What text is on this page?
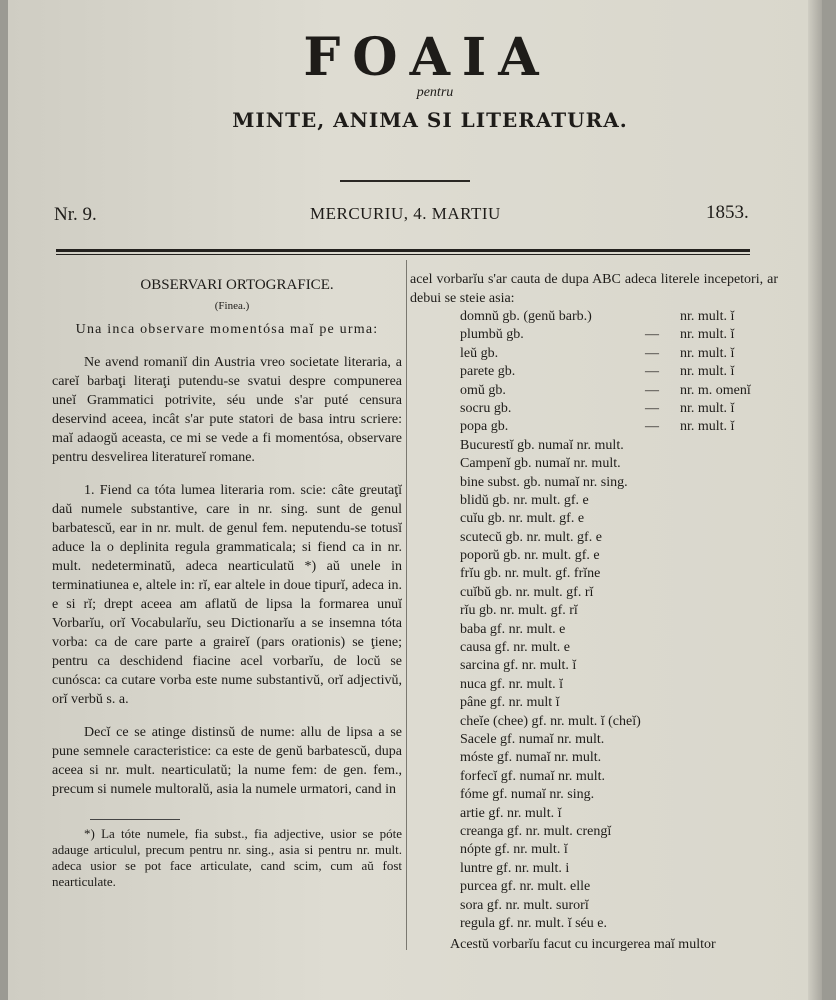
FOAIA
pentru
MINTE, ANIMA SI LITERATURA.
Nr. 9.	MERCURIU, 4. MARTIU	1853.
OBSERVARI ORTOGRAFICE.
(Finea.)
Una inca observare momentósa maĭ pe urma:

Ne avend romaniĭ din Austria vreo societate literaria, a careĭ barbaţi literaţi putendu-se svatui despre compunerea uneĭ Grammatici potrivite, séu unde s'ar puté censura deservind aceea, incât s'ar pute statori de basa intru scriere: maĭ adaogŭ aceasta, ce mi se vede a fi momentósa, observare pentru desvelirea literatureĭ romane.

1. Fiend ca tóta lumea literaria rom. scie: câte greutaţĭ daŭ numele substantive, care in nr. sing. sunt de genul barbatescŭ, ear in nr. mult. de genul fem. neputendu-se totusĭ aduce la o deplinita regula grammaticala; si fiend ca in nr. mult. nedeterminatŭ, adeca nearticulatŭ *) aŭ unele in terminatiunea e, altele in: rĭ, ear altele in doue tipurĭ, adeca in. e si rĭ; drept aceea am aflatŭ de lipsa la formarea unuĭ Vorbarĭu, orĭ Vocabularĭu, seu Dictionarĭu a se insemna tóta vorba: ca de care parte a graireĭ (pars orationis) se ţiene; pentru ca deschidend fiacine acel vorbarĭu, de locŭ se cunósca: ca cutare vorba este nume substantivŭ, orĭ adjectivŭ, orĭ verbŭ s. a.

Decĭ ce se atinge distinsŭ de nume: allu de lipsa a se pune semnele caracteristice: ca este de genŭ barbatescŭ, dupa aceea si nr. mult. nearticulatŭ; la nume fem: de gen. fem., precum si numele multoralŭ, asia la numele urmatori, cand in

*) La tóte numele, fia subst., fia adjective, usior se póte adauge articulul, precum pentru nr. sing., asia si pentru nr. mult. adeca usior se pot face articulate, cand scim, cum aŭ fost nearticulate.

acel vorbarĭu s'ar cauta de dupa ABC adeca literele incepetori, ar debui se steie asia:

domnŭ gb. (genŭ barb.)	nr. mult. ĭ
plumbŭ gb.	—	nr. mult. ĭ
leŭ gb.	—	nr. mult. ĭ
parete gb.	—	nr. mult. ĭ
omŭ gb.	—	nr. m. omenĭ
socru gb.	—	nr. mult. ĭ
popa gb.	—	nr. mult. ĭ
Bucurestĭ gb. numaĭ nr. mult.
Campenĭ gb. numaĭ nr. mult.
bine subst. gb. numaĭ nr. sing.
blidŭ gb. nr. mult. gf. e
cuĭu gb. nr. mult. gf. e
scutecŭ gb. nr. mult. gf. e
poporŭ gb. nr. mult. gf. e
frĭu gb. nr. mult. gf. frĭne
cuĭbŭ gb. nr. mult. gf. rĭ
rĭu gb. nr. mult. gf. rĭ
baba gf. nr. mult. e
causa gf. nr. mult. e
sarcina gf. nr. mult. ĭ
nuca gf. nr. mult. ĭ
pâne gf. nr. mult ĭ
cheĭe (chee) gf. nr. mult. ĭ (cheĭ)
Sacele gf. numaĭ nr. mult.
móste gf. numaĭ nr. mult.
forfecĭ gf. numaĭ nr. mult.
fóme gf. numaĭ nr. sing.
artie gf. nr. mult. ĭ
creanga gf. nr. mult. crengĭ
nópte gf. nr. mult. ĭ
luntre gf. nr. mult. i
purcea gf. nr. mult. elle
sora gf. nr. mult. surorĭ
regula gf. nr. mult. ĭ séu e.
Acestŭ vorbarĭu facut cu incurgerea maĭ multor
